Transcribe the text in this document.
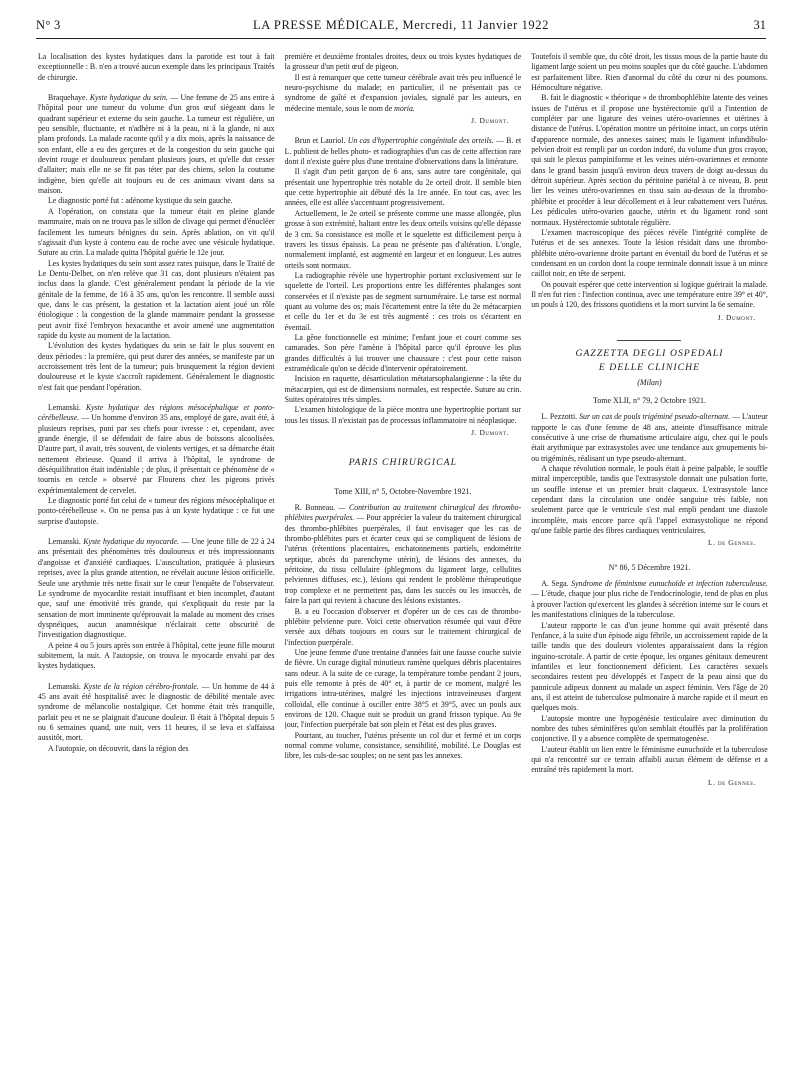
N° 3	LA PRESSE MÉDICALE, Mercredi, 11 Janvier 1922	31

La localisation des kystes hydatiques dans la parotide est tout à fait exceptionnelle : B. n'en a trouvé aucun exemple dans les principaux Traités de chirurgie.

Braquehaye. Kyste hydatique du sein. — Une femme de 25 ans entre à l'hôpital pour une tumeur du volume d'un gros œuf siégeant dans le quadrant supérieur et externe du sein gauche. La tumeur est régulière, un peu sensible, fluctuante, et n'adhère ni à la peau, ni à la glande, ni aux plans profonds. La malade raconte qu'il y a dix mois, après la naissance de son enfant, elle a eu des gerçures et de la congestion du sein gauche qui devint rouge et douloureux pendant plusieurs jours, et qu'elle dut cesser d'allaiter; mais elle ne se fit pas téter par des chiens, selon la coutume indigène, bien qu'elle ait toujours eu de ces animaux vivant dans sa maison.

Le diagnostic porté fut : adénome kystique du sein gauche.

A l'opération, on constata que la tumeur était en pleine glande mammaire, mais on ne trouva pas le sillon de clivage qui permet d'énucléer facilement les tumeurs bénignes du sein. Après ablation, on vit qu'il s'agissait d'un kyste à contenu eau de roche avec une vésicule hydatique. Suture au crin. La malade quitta l'hôpital guérie le 12e jour.

Les kystes hydatiques du sein sont assez rares puisque, dans le Traité de Le Dentu-Delbet, on n'en relève que 31 cas, dont plusieurs n'étaient pas inclus dans la glande. C'est généralement pendant la période de la vie génitale de la femme, de 16 à 35 ans, qu'on les rencontre. Il semble aussi que, dans le cas présent, la gestation et la lactation aient joué un rôle étiologique : la congestion de la glande mammaire pendant la grossesse peut avoir fixé l'embryon hexacanthe et avoir amené une augmentation rapide du kyste au moment de la lactation.

L'évolution des kystes hydatiques du sein se fait le plus souvent en deux périodes : la première, qui peut durer des années, se manifeste par un accroissement très lent de la tumeur; puis brusquement la région devient douloureuse et le kyste s'accroît rapidement. Généralement le diagnostic n'est fait que pendant l'opération.

Lemanski. Kyste hydatique des régions mésocéphalique et ponto-cérébelleuse. — Un homme d'environ 35 ans, employé de gare, avait été, à plusieurs reprises, puni par ses chefs pour ivresse : et, cependant, avec grande énergie, il se défendait de faire abus de boissons alcoolisées. D'autre part, il avait, très souvent, de violents vertiges, et sa démarche était nettement ébrieuse. Quand il arriva à l'hôpital, le syndrome de déséquilibration était indéniable ; de plus, il présentait ce phénomène de « tournis en cercle » observé par Flourens chez les pigeons privés expérimentalement de cervelet.

Le diagnostic porté fut celui de « tumeur des régions mésocéphalique et ponto-cérébelleuse ». On ne pensa pas à un kyste hydatique : ce fut une surprise d'autopsie.

Lemanski. Kyste hydatique du myocarde. — Une jeune fille de 22 à 24 ans présentait des phénomènes très douloureux et très impressionnants d'angoisse et d'anxiété cardiaques. L'auscultation, pratiquée à plusieurs reprises, avec la plus grande attention, ne révélait aucune lésion orificielle. Seule une arythmie très nette fixait sur le cœur l'enquête de l'observateur. Le syndrome de myocardite restait insuffisant et bien incomplet, d'autant que, sauf une émotivité très grande, qui s'expliquait du reste par la sensation de mort imminente qu'éprouvait la malade au moment des crises dyspnéiques, aucun anamnésique n'éclairait cette obscurité de l'investigation diagnostique.

A peine 4 ou 5 jours après son entrée à l'hôpital, cette jeune fille mourut subitement, la nuit. A l'autopsie, on trouva le myocarde envahi par des kystes hydatiques.

Lemanski. Kyste de la région cérébro-frontale. — Un homme de 44 à 45 ans avait été hospitalisé avec le diagnostic de débilité mentale avec syndrome de mélancolie nostalgique. Cet homme était très tranquille, parlait peu et ne se plaignait d'aucune douleur. Il était à l'hôpital depuis 5 ou 6 semaines quand, une nuit, vers 11 heures, il se leva et s'affaissa aussitôt, mort.

A l'autopsie, on découvrit, dans la région des

première et deuxième frontales droites, deux ou trois kystes hydatiques de la grosseur d'un petit œuf de pigeon.

Il est à remarquer que cette tumeur cérébrale avait très peu influencé le neuro-psychisme du malade; en particulier, il ne présentait pas ce syndrome de gaîté et d'expansion joviales, signalé par les auteurs, en médecine mentale, sous le nom de moria.

J. Dumont.

Brun et Lauriol. Un cas d'hypertrophie congénitale des orteils. — B. et L. publient de belles photo- et radiographies d'un cas de cette affection rare dont il n'existe guère plus d'une trentaine d'observations dans la littérature.

Il s'agit d'un petit garçon de 6 ans, sans autre tare congénitale, qui présentait une hypertrophie très notable du 2e orteil droit. Il semble bien que cette hypertrophie ait débuté dès la 1re année. En tout cas, avec les années, elle est allée s'accentuant progressivement.

Actuellement, le 2e orteil se présente comme une masse allongée, plus grosse à son extrémité, haltant entre les deux orteils voisins qu'elle dépasse de 3 cm. Sa consistance est molle et le squelette est difficilement perçu à travers les tissus épaissis. La peau ne présente pas d'altération. L'ongle, normalement implanté, est augmenté en largeur et en longueur. Les autres orteils sont normaux.

La radiographie révèle une hypertrophie portant exclusivement sur le squelette de l'orteil. Les proportions entre les différentes phalanges sont conservées et il n'existe pas de segment surnuméraire. Le tarse est normal quant au volume des os; mais l'écartement entre la tête du 2e métacarpien et celle du 1er et du 3e est très augmenté : ces trois os s'écartent en éventail.

La gêne fonctionnelle est minime; l'enfant joue et court comme ses camarades. Son père l'amène à l'hôpital parce qu'il éprouve les plus grandes difficultés à lui trouver une chaussure : c'est pour cette raison extramédicale qu'on se décide d'intervenir opératoirement.

Incision en raquette, désarticulation métatarsophalangienne : la tête du métacarpien, qui est de dimensions normales, est respectée. Suture au crin. Suites opératoires très simples.

L'examen histologique de la pièce montra une hypertrophie portant sur tous les tissus. Il n'existait pas de processus inflammatoire ni néoplasique.

J. Dumont.
PARIS CHIRURGICAL
Tome XIII, n° 5, Octobre-Novembre 1921.

R. Bonneau. — Contribution au traitement chirurgical des thrombo-phlébites puerpérales. — Pour apprécier la valeur du traitement chirurgical des thrombo-phlébites puerpérales, il faut envisager que les cas de thrombo-phlébites purs et écarter ceux qui se compliquent de lésions de l'utérus (rétentions placentaires, enchatonnements partiels, endométrite septique, abcès du parenchyme utérin), de lésions des annexes, du péritoine, du tissu cellulaire (phlegmons du ligament large, cellulites pelviennes diffuses, etc.), lésions qui rendent le problème thérapeutique trop complexe et ne permettent pas, dans les succès ou les insuccès, de faire la part qui revient à chacune des lésions existantes.

B. a eu l'occasion d'observer et d'opérer un de ces cas de thrombo-phlébite pelvienne pure. Voici cette observation résumée qui vaut d'être versée aux débats toujours en cours sur le traitement chirurgical de l'infection puerpérale.

Une jeune femme d'une trentaine d'années fait une fausse couche suivie de fièvre. Un curage digital minutieux ramène quelques débris placentaires sans odeur. A la suite de ce curage, la température tombe pendant 2 jours, puis elle remonte à près de 40° et, à partir de ce moment, malgré les irrigations intra-utérines, malgré les injections intraveineuses d'argent colloïdal, elle continue à osciller entre 38°5 et 39°5, avec un pouls aux environs de 120. Chaque nuit se produit un grand frisson typique. Au 9e jour, l'infection puerpérale bat son plein et l'état est des plus graves.

Pourtant, au toucher, l'utérus présente un col dur et fermé et un corps normal comme volume, consistance, sensibilité, mobilité. Le Douglas est libre, les culs-de-sac souples; on ne sent pas les annexes.

Toutefois il semble que, du côté droit, les tissus mous de la partie haute du ligament large soient un peu moins souples que du côté gauche. L'abdomen est parfaitement libre. Rien d'anormal du côté du cœur ni des poumons. Hémoculture négative.

B. fait le diagnostic « théorique » de thrombophlébite latente des veines issues de l'utérus et il propose une hystérectomie qu'il a l'intention de compléter par une ligature des veines utéro-ovariennes et utérines à distance de l'utérus. L'opération montre un péritoine intact, un corps utérin d'apparence normale, des annexes saines; mais le ligament infundibulo-pelvien droit est rempli par un cordon induré, du volume d'un gros crayon, qui suit le plexus pampiniforme et les veines utéro-ovariennes et remonte dans le grand bassin jusqu'à environ deux travers de doigt au-dessus du détroit supérieur. Après section du péritoine pariétal à ce niveau, B. peut lier les veines utéro-ovariennes en tissu sain au-dessus de la thrombo-phlébite et procéder à leur décollement et à leur rabattement vers l'utérus. Les pédicules utéro-ovarien gauche, utérin et du ligament rond sont normaux. Hystérectomie subtotale régulière.

L'examen macroscopique des pièces révèle l'intégrité complète de l'utérus et de ses annexes. Toute la lésion résidait dans une thrombo-phlébite utéro-ovarienne droite partant en éventail du bord de l'utérus et se condensant en un cordon dont la coupe terminale donnait issue à un mince caillot noir, en tête de serpent.

On pouvait espérer que cette intervention si logique guérirait la malade. Il n'en fut rien : l'infection continua, avec une température entre 39° et 40°, un pouls à 120, des frissons quotidiens et la mort survint la 6e semaine.

J. Dumont.
GAZZETTA DEGLI OSPEDALI
E DELLE CLINICHE
(Milan)
Tome XLII, n° 79, 2 Octobre 1921.

L. Pezzotti. Sur un cas de pouls trigéminé pseudo-alternant. — L'auteur rapporte le cas d'une femme de 48 ans, atteinte d'insuffisance mitrale consécutive à une crise de rhumatisme articulaire aigu, chez qui le pouls était arythmique par extrasystoles avec une tendance aux groupements bi- ou trigéminés, réalisant un type pseudo-alternant.

A chaque révolution normale, le pouls était à peine palpable, le souffle mitral imperceptible, tandis que l'extrasystole donnait une pulsation forte, un souffle intense et un premier bruit claqueux. L'extrasystole lance cependant dans la circulation une ondée sanguine très faible, non seulement parce que le ventricule s'est mal empli pendant une diastole incomplète, mais encore parce qu'à l'appel extrasystolique ne répond qu'une faible partie des fibres cardiaques ventriculaires.

L. de Gennes.
N° 86, 5 Décembre 1921.

A. Sega. Syndrome de féminisme eunuchoïde et infection tuberculeuse. — L'étude, chaque jour plus riche de l'endocrinologie, tend de plus en plus à prouver l'action qu'exercent les glandes à sécrétion interne sur le cours et les manifestations cliniques de la tuberculose.

L'auteur rapporte le cas d'un jeune homme qui avait présenté dans l'enfance, à la suite d'un épisode aigu fébrile, un accroissement rapide de la taille tandis que des douleurs violentes apparaissaient dans la région inguino-scrotale. A partir de cette époque, les organes génitaux demeurent infantiles et leur fonctionnement déficient. Les caractères sexuels secondaires restent peu développés et l'aspect de la peau ainsi que du pannicule adipeux donnent au malade un aspect féminin. Vers l'âge de 20 ans, il est atteint de tuberculose pulmonaire à marche rapide et il meurt en quelques mois.

L'autopsie montre une hypogénésie testiculaire avec diminution du nombre des tubes séminifères qu'on semblait étouffés par la prolifération conjonctive. Il y a absence complète de spermatogenèse.

L'auteur établit un lien entre le féminisme eunuchoïde et la tuberculose qui n'a rencontré sur ce terrain affaibli aucun élément de défense et a entraîné très rapidement la mort.

L. de Gennes.
